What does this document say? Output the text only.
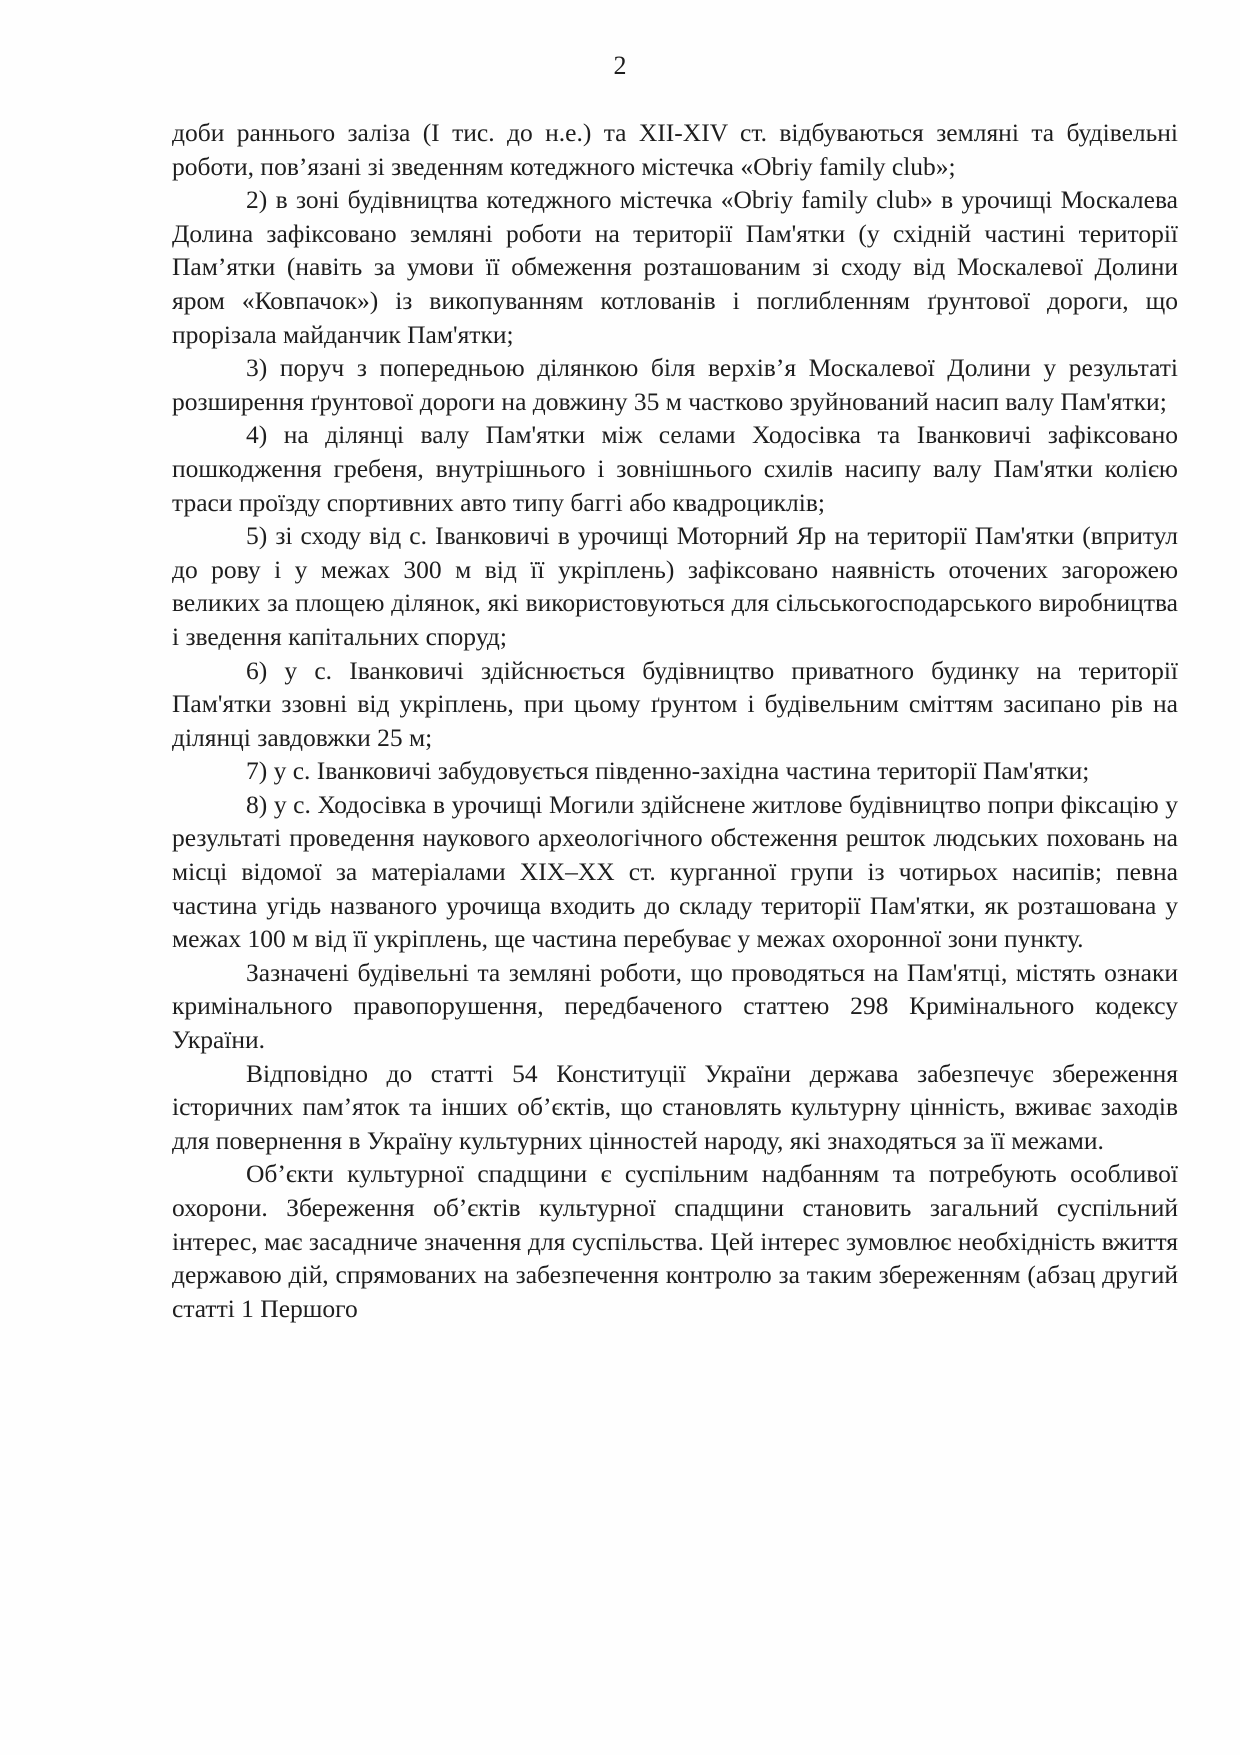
2

доби раннього заліза (І тис. до н.е.) та ХІІ-ХІV ст. відбуваються земляні та будівельні роботи, пов’язані зі зведенням котеджного містечка «Obriy family club»;

2) в зоні будівництва котеджного містечка «Obriy family club» в урочищі Москалева Долина зафіксовано земляні роботи на території Пам'ятки (у східній частині території Пам’ятки (навіть за умови її обмеження розташованим зі сходу від Москалевої Долини яром «Ковпачок») із викопуванням котлованів і поглибленням ґрунтової дороги, що прорізала майданчик Пам'ятки;

3) поруч з попередньою ділянкою біля верхів’я Москалевої Долини у результаті розширення ґрунтової дороги на довжину 35 м частково зруйнований насип валу Пам'ятки;

4) на ділянці валу Пам'ятки між селами Ходосівка та Іванковичі зафіксовано пошкодження гребеня, внутрішнього і зовнішнього схилів насипу валу Пам'ятки колією траси проїзду спортивних авто типу баггі або квадроциклів;

5) зі сходу від с. Іванковичі в урочищі Моторний Яр на території Пам'ятки (впритул до рову і у межах 300 м від її укріплень) зафіксовано наявність оточених загорожею великих за площею ділянок, які використовуються для сільськогосподарського виробництва і зведення капітальних споруд;

6) у с. Іванковичі здійснюється будівництво приватного будинку на території Пам'ятки ззовні від укріплень, при цьому ґрунтом і будівельним сміттям засипано рів на ділянці завдовжки 25 м;

7) у с. Іванковичі забудовується південно-західна частина території Пам'ятки;

8) у с. Ходосівка в урочищі Могили здійснене житлове будівництво попри фіксацію у результаті проведення наукового археологічного обстеження решток людських поховань на місці відомої за матеріалами ХІХ–ХХ ст. курганної групи із чотирьох насипів; певна частина угідь названого урочища входить до складу території Пам'ятки, як розташована у межах 100 м від її укріплень, ще частина перебуває у межах охоронної зони пункту.

Зазначені будівельні та земляні роботи, що проводяться на Пам'ятці, містять ознаки кримінального правопорушення, передбаченого статтею 298 Кримінального кодексу України.

Відповідно до статті 54 Конституції України держава забезпечує збереження історичних пам’яток та інших об’єктів, що становлять культурну цінність, вживає заходів для повернення в Україну культурних цінностей народу, які знаходяться за її межами.

Об’єкти культурної спадщини є суспільним надбанням та потребують особливої охорони. Збереження об’єктів культурної спадщини становить загальний суспільний інтерес, має засадниче значення для суспільства. Цей інтерес зумовлює необхідність вжиття державою дій, спрямованих на забезпечення контролю за таким збереженням (абзац другий статті 1 Першого
